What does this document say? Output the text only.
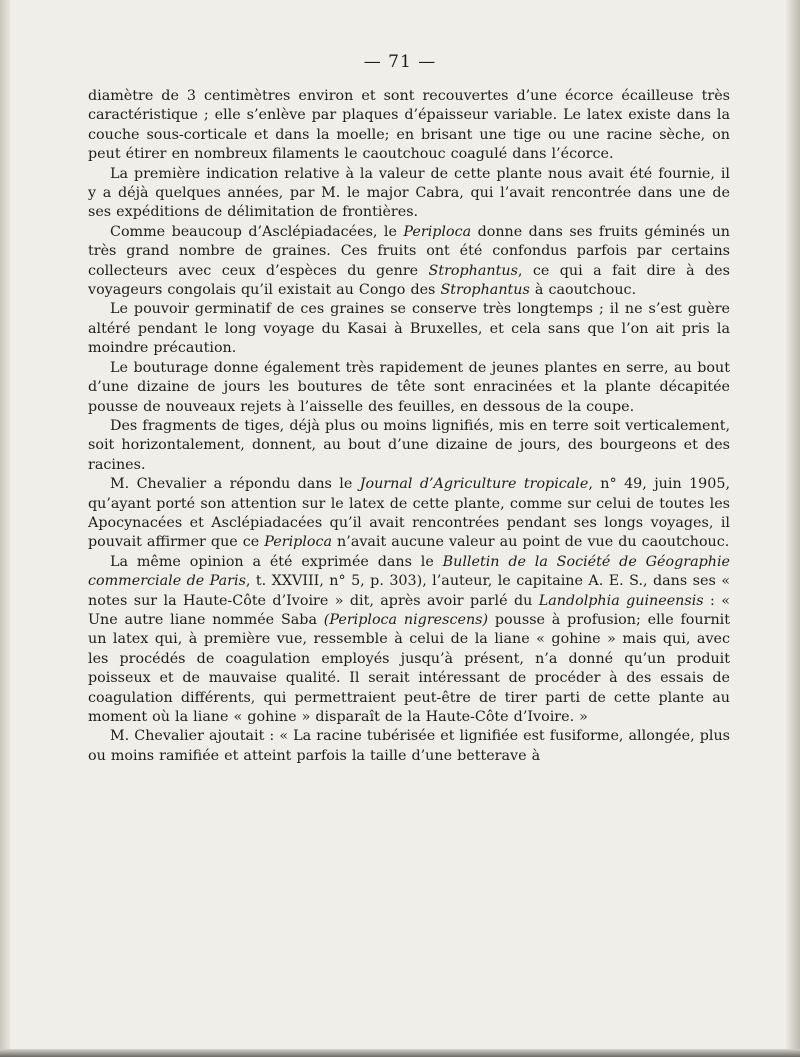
— 71 —

diamètre de 3 centimètres environ et sont recouvertes d’une écorce écailleuse très caractéristique ; elle s’enlève par plaques d’épaisseur variable. Le latex existe dans la couche sous-corticale et dans la moelle; en brisant une tige ou une racine sèche, on peut étirer en nombreux filaments le caoutchouc coagulé dans l’écorce.

La première indication relative à la valeur de cette plante nous avait été fournie, il y a déjà quelques années, par M. le major Cabra, qui l’avait rencontrée dans une de ses expéditions de délimitation de frontières.

Comme beaucoup d’Asclépiadacées, le Periploca donne dans ses fruits géminés un très grand nombre de graines. Ces fruits ont été confondus parfois par certains collecteurs avec ceux d’espèces du genre Strophantus, ce qui a fait dire à des voyageurs congolais qu’il existait au Congo des Strophantus à caoutchouc.

Le pouvoir germinatif de ces graines se conserve très longtemps ; il ne s’est guère altéré pendant le long voyage du Kasai à Bruxelles, et cela sans que l’on ait pris la moindre précaution.

Le bouturage donne également très rapidement de jeunes plantes en serre, au bout d’une dizaine de jours les boutures de tête sont enracinées et la plante décapitée pousse de nouveaux rejets à l’aisselle des feuilles, en dessous de la coupe.

Des fragments de tiges, déjà plus ou moins lignifiés, mis en terre soit verticalement, soit horizontalement, donnent, au bout d’une dizaine de jours, des bourgeons et des racines.

M. Chevalier a répondu dans le Journal d’Agriculture tropicale, n° 49, juin 1905, qu’ayant porté son attention sur le latex de cette plante, comme sur celui de toutes les Apocynacées et Asclépiadacées qu’il avait rencontrées pendant ses longs voyages, il pouvait affirmer que ce Periploca n’avait aucune valeur au point de vue du caoutchouc.

La même opinion a été exprimée dans le Bulletin de la Société de Géographie commerciale de Paris, t. XXVIII, n° 5, p. 303), l’auteur, le capitaine A. E. S., dans ses « notes sur la Haute-Côte d’Ivoire » dit, après avoir parlé du Landolphia guineensis : « Une autre liane nommée Saba (Periploca nigrescens) pousse à profusion; elle fournit un latex qui, à première vue, ressemble à celui de la liane « gohine » mais qui, avec les procédés de coagulation employés jusqu’à présent, n’a donné qu’un produit poisseux et de mauvaise qualité. Il serait intéressant de procéder à des essais de coagulation différents, qui permettraient peut-être de tirer parti de cette plante au moment où la liane « gohine » disparaît de la Haute-Côte d’Ivoire. »

M. Chevalier ajoutait : « La racine tubérisée et lignifiée est fusiforme, allongée, plus ou moins ramifiée et atteint parfois la taille d’une betterave à
